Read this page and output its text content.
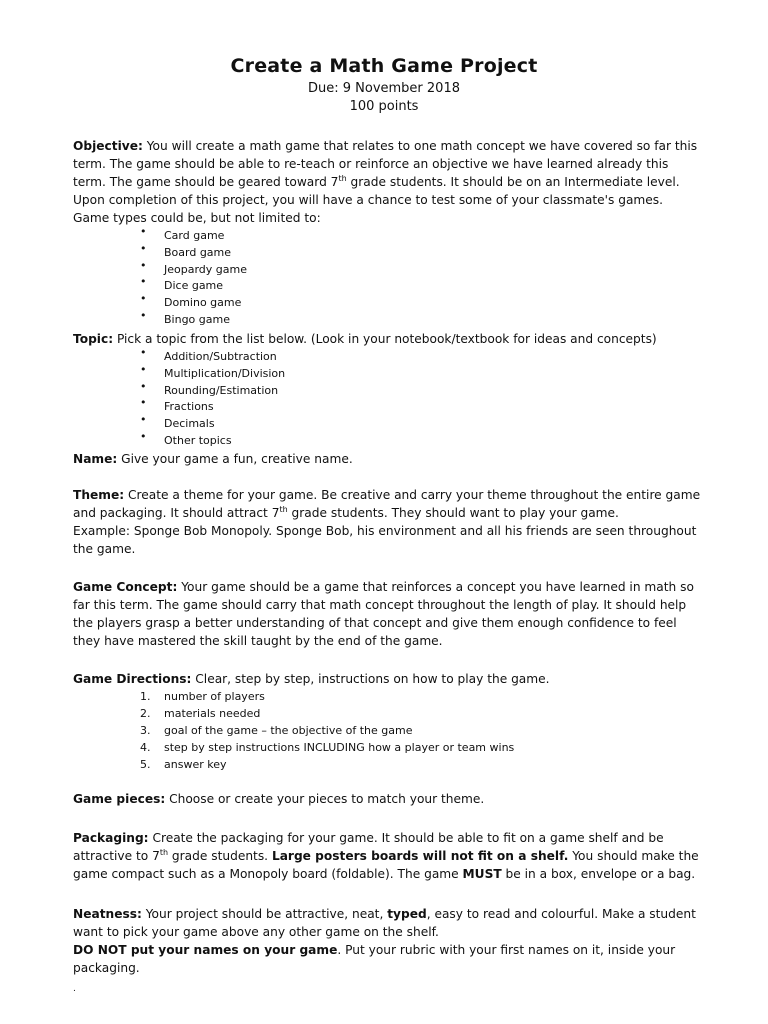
Create a Math Game Project
Due: 9 November 2018
100 points
Objective: You will create a math game that relates to one math concept we have covered so far this term. The game should be able to re-teach or reinforce an objective we have learned already this term. The game should be geared toward 7th grade students. It should be on an Intermediate level. Upon completion of this project, you will have a chance to test some of your classmate's games. Game types could be, but not limited to:
• Card game
• Board game
• Jeopardy game
• Dice game
• Domino game
• Bingo game
Topic: Pick a topic from the list below. (Look in your notebook/textbook for ideas and concepts)
• Addition/Subtraction
• Multiplication/Division
• Rounding/Estimation
• Fractions
• Decimals
• Other topics
Name: Give your game a fun, creative name.
Theme: Create a theme for your game. Be creative and carry your theme throughout the entire game and packaging. It should attract 7th grade students. They should want to play your game.
Example: Sponge Bob Monopoly. Sponge Bob, his environment and all his friends are seen throughout the game.
Game Concept: Your game should be a game that reinforces a concept you have learned in math so far this term. The game should carry that math concept throughout the length of play. It should help the players grasp a better understanding of that concept and give them enough confidence to feel they have mastered the skill taught by the end of the game.
Game Directions: Clear, step by step, instructions on how to play the game.
1. number of players
2. materials needed
3. goal of the game – the objective of the game
4. step by step instructions INCLUDING how a player or team wins
5. answer key
Game pieces: Choose or create your pieces to match your theme.
Packaging: Create the packaging for your game. It should be able to fit on a game shelf and be attractive to 7th grade students. Large posters boards will not fit on a shelf. You should make the game compact such as a Monopoly board (foldable). The game MUST be in a box, envelope or a bag.
Neatness: Your project should be attractive, neat, typed, easy to read and colourful. Make a student want to pick your game above any other game on the shelf.
DO NOT put your names on your game. Put your rubric with your first names on it, inside your packaging.
.
